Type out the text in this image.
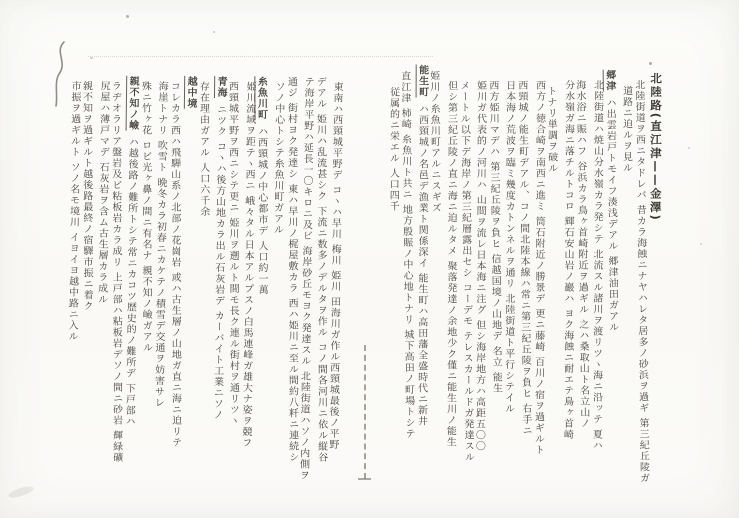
北陸路(直江津——金澤)
北陸街道ヲ西ニタドレバ 昔カラ海蝕ニナヤハレタ居多ノ砂浜ヲ過ギ 第三紀丘陵ガ
道路ニ迫ルヲ見ル
郷津ハ出雲岩戸トモイフ湊浅デアル 郷津油田ガアル
北陸街道ハ焼山分水嶺カラ発シテ 北流スル諸川ヲ渡リツヽ海ニ沿ッテ 夏ハ
海水浴ニ賑ハフ 谷浜カラ鳥ヶ首崎附近ヲ過ギル 之ハ桑取山ト名立山ノ
分水嶺ガ海ニ落チルトコロ 輝石安山岩ノ巖ハ ヨク海蝕ニ耐エテ鳥ヶ首崎
トナリ単調ヲ破ル
西方ノ徳合崎ヲ南西ニ進ミ 筒石附近ノ勝景デ 更ニ藤崎 百川ノ宿ヲ過ギルト
西頸城ノ能生町デアル、コノ間北陸本線ハ常ニ第三紀丘陵ヲ負ヒ 右手ニ
日本海ノ荒波ヲ臨ミ幾度カトンネルヲ通リ 北陸街道ト平行シテイル
西方姫川マデハ 第三紀丘陵ヲ負ヒ 信越国境ノ山地デ 名立 能生
姫川ガ代表的ノ河川ハ 山間ヲ流レ日本海ニ注グ 但シ海岸地方ハ高距五〇〇
メートル以下デ海岸ノ第三紀層露出セシ コーデモ テレスカールドガ発達スル
但シ第三紀丘陵ノ直ニ海ニ迫ルタメ 聚落発達ノ余地少ク僅ニ能生川ノ能生
姫川ノ糸魚川町アルニスギズ
能生町ハ西頸城ノ名邑デ漁業ト関係深イ 能生町ハ高田藩全盛時代ニ新井
直江津 柿崎 糸魚川ト共ニ 地方殷賑ノ中心地トナリ 城下高田ノ町場トシテ
従属的ニ栄エル 人口四千
東南ハ西頸城平野デ コヽハ早川 梅川 姫川 田海川ガ作ル西頸城最後ノ平野
デアル 姫川ハ乱流甚シク 下流ニ数多ノデルタヲ作ル コノ間各河川ニ依ル縦谷
テ海岸平野ハ延長一〇キロニ及ビ 海岸砂丘モヨク発達スル 北陸街道ハソノ内側ヲ
通ジ 街村ヨク発達シ 東ハ早川ノ梶屋敷カラ 西ハ姫川ニ至ル間約八粁ニ連続シ
ソノ中心トシテ糸魚川町ガアル
糸魚川町ハ西頸城ノ中心都市デ 人口約一萬
姫川流域ヲ距テヽ西ニ 峨々タル日本アルプスノ白馬連峰ガ雄大ナ姿ヲ競フ
西頸城平野ヲ西ニシテ更ニ 姫川ヲ遡ルト間モ長ク連ル街村ヲ通リツヽ
青海ニツク コヽハ後方山地カラ出ル石灰岩デ カーバイト工業ニソノ
存在理由ガアル 人口六千余
越中境
コレカラ西ハ飛騨山系ノ北部ノ花崗岩 或ハ古生層ノ山地ガ直ニ海ニ迫リテ
海崖トナリ 吹雪ト 晩冬カラ初春ニカケテノ積雪デ交通ヲ妨害サレ
殊ニ竹ヶ花 ロビ光ヶ鼻ノ間ニ有名ナ 親不知ノ嶮ガアル
親不知ノ嶮ハ越後路ノ難所トシテ常ニカコツ歴史的ノ難所デ 下戸部ハ
ラヂオラリア盤岩及ビ粘板岩カラ成リ 上戸部ハ粘板岩デソノ間ニ砂岩 輝緑礦
尻屋ハ薄戸マデ 石灰岩ヲ含ム古生層カラ成ル
親不知ヲ過ギルト越後路最終ノ宿驛市振ニ着ク
市振ヲ過ギルト ソノ名モ境川 イヨイヨ越中路ニ入ル
